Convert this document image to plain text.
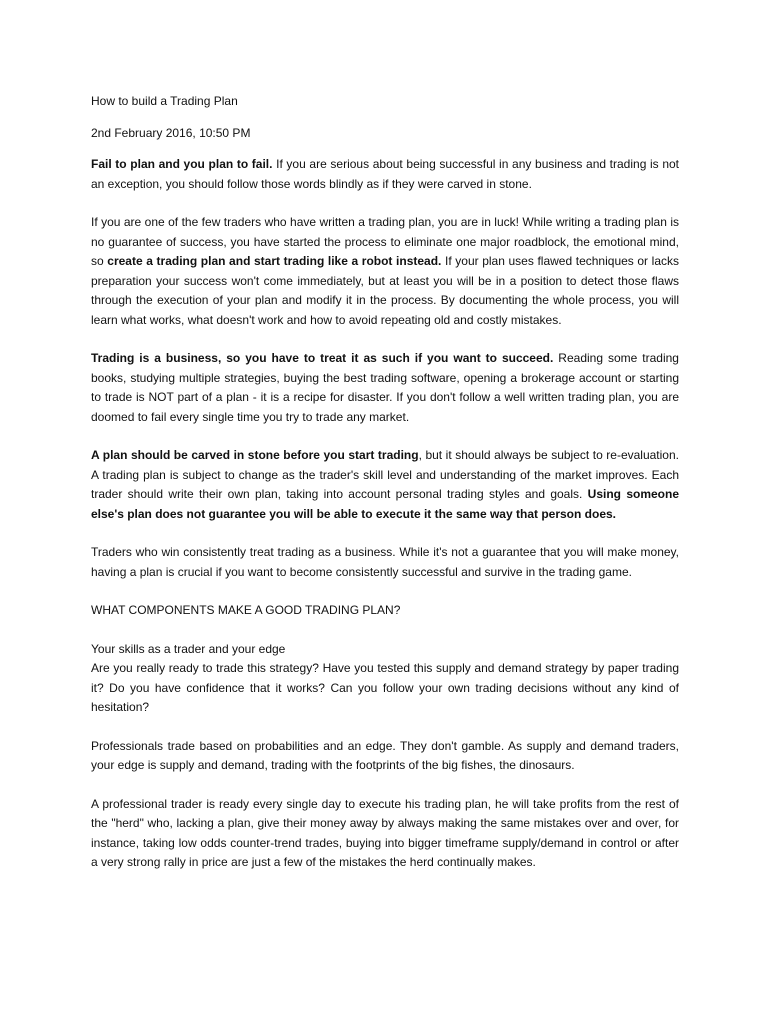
How to build a Trading Plan

2nd February 2016, 10:50 PM

Fail to plan and you plan to fail. If you are serious about being successful in any business and trading is not an exception, you should follow those words blindly as if they were carved in stone.

If you are one of the few traders who have written a trading plan, you are in luck! While writing a trading plan is no guarantee of success, you have started the process to eliminate one major roadblock, the emotional mind, so create a trading plan and start trading like a robot instead. If your plan uses flawed techniques or lacks preparation your success won't come immediately, but at least you will be in a position to detect those flaws through the execution of your plan and modify it in the process. By documenting the whole process, you will learn what works, what doesn't work and how to avoid repeating old and costly mistakes.

Trading is a business, so you have to treat it as such if you want to succeed. Reading some trading books, studying multiple strategies, buying the best trading software, opening a brokerage account or starting to trade is NOT part of a plan - it is a recipe for disaster. If you don't follow a well written trading plan, you are doomed to fail every single time you try to trade any market.

A plan should be carved in stone before you start trading, but it should always be subject to re-evaluation. A trading plan is subject to change as the trader's skill level and understanding of the market improves. Each trader should write their own plan, taking into account personal trading styles and goals. Using someone else's plan does not guarantee you will be able to execute it the same way that person does.

Traders who win consistently treat trading as a business. While it's not a guarantee that you will make money, having a plan is crucial if you want to become consistently successful and survive in the trading game.

WHAT COMPONENTS MAKE A GOOD TRADING PLAN?

Your skills as a trader and your edge

Are you really ready to trade this strategy? Have you tested this supply and demand strategy by paper trading it? Do you have confidence that it works? Can you follow your own trading decisions without any kind of hesitation?

Professionals trade based on probabilities and an edge. They don't gamble. As supply and demand traders, your edge is supply and demand, trading with the footprints of the big fishes, the dinosaurs.

A professional trader is ready every single day to execute his trading plan, he will take profits from the rest of the "herd" who, lacking a plan, give their money away by always making the same mistakes over and over, for instance, taking low odds counter-trend trades, buying into bigger timeframe supply/demand in control or after a very strong rally in price are just a few of the mistakes the herd continually makes.
